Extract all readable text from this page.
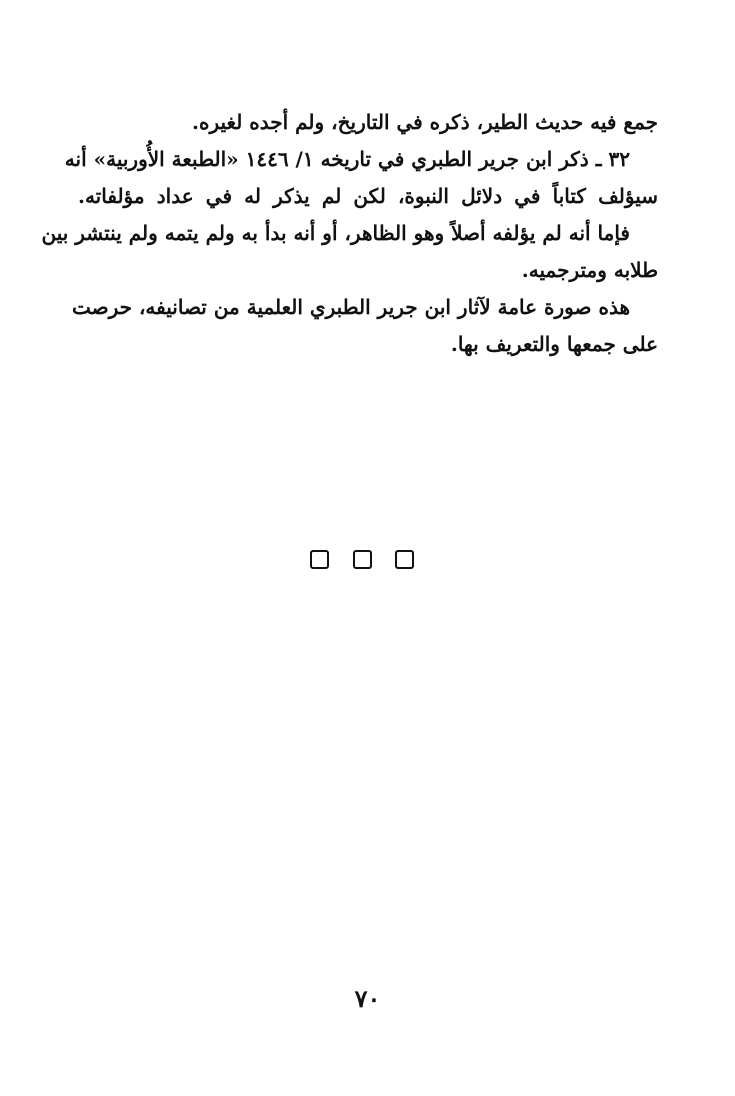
جمع فيه حديث الطير، ذكره في التاريخ، ولم أجده لغيره.
٣٢ ـ ذكر ابن جرير الطبري في تاريخه ١/ ١٤٤٦ «الطبعة الأُوربية» أنه
سيؤلف كتاباً في دلائل النبوة، لكن لم يذكر له في عداد مؤلفاته.
فإما أنه لم يؤلفه أصلاً وهو الظاهر، أو أنه بدأ به ولم يتمه ولم ينتشر بين
طلابه ومترجميه.
هذه صورة عامة لآثار ابن جرير الطبري العلمية من تصانيفه، حرصت
على جمعها والتعريف بها.
٧٠
